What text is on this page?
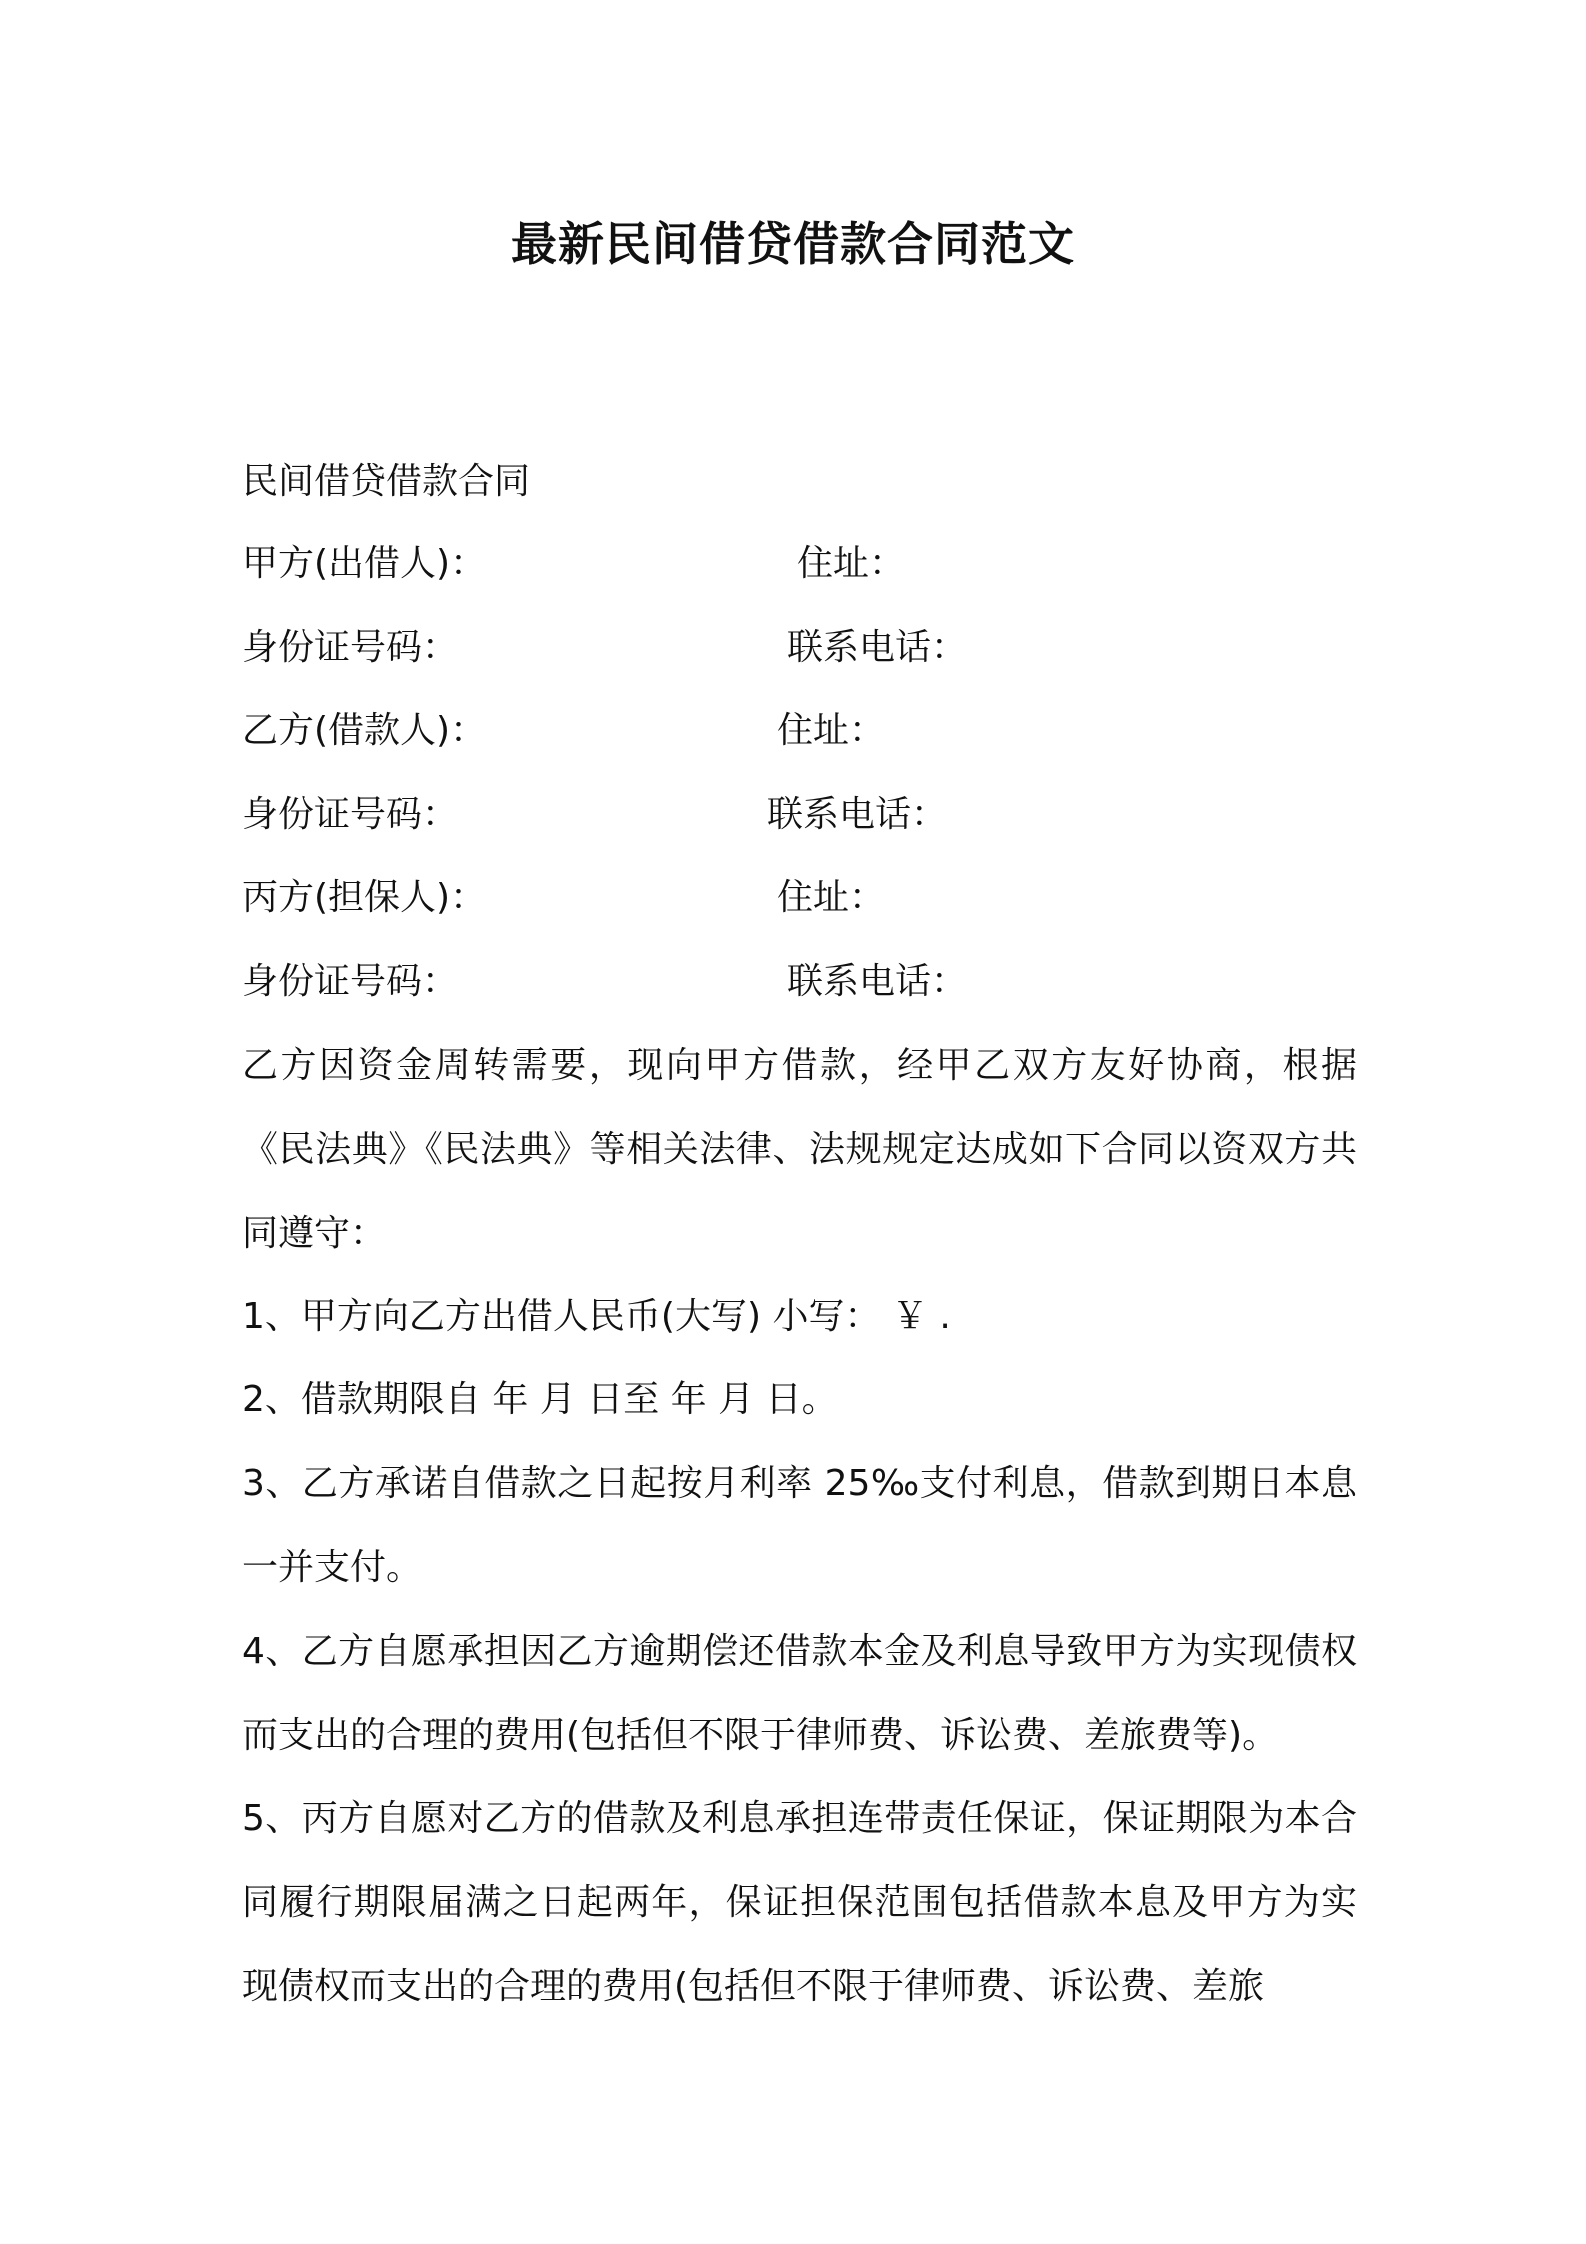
最新民间借贷借款合同范文
民间借贷借款合同
甲方(出借人)：	住址：
身份证号码：	联系电话：
乙方(借款人)：	住址：
身份证号码：	联系电话：
丙方(担保人)：	住址：
身份证号码：	联系电话：
乙方因资金周转需要，现向甲方借款，经甲乙双方友好协商，根据《民法典》《民法典》等相关法律、法规规定达成如下合同以资双方共同遵守：
1、甲方向乙方出借人民币(大写) 小写： ￥ .
2、借款期限自 年 月 日至 年 月 日。
3、乙方承诺自借款之日起按月利率 25‰支付利息，借款到期日本息一并支付。
4、乙方自愿承担因乙方逾期偿还借款本金及利息导致甲方为实现债权而支出的合理的费用(包括但不限于律师费、诉讼费、差旅费等)。
5、丙方自愿对乙方的借款及利息承担连带责任保证，保证期限为本合同履行期限届满之日起两年，保证担保范围包括借款本息及甲方为实现债权而支出的合理的费用(包括但不限于律师费、诉讼费、差旅
